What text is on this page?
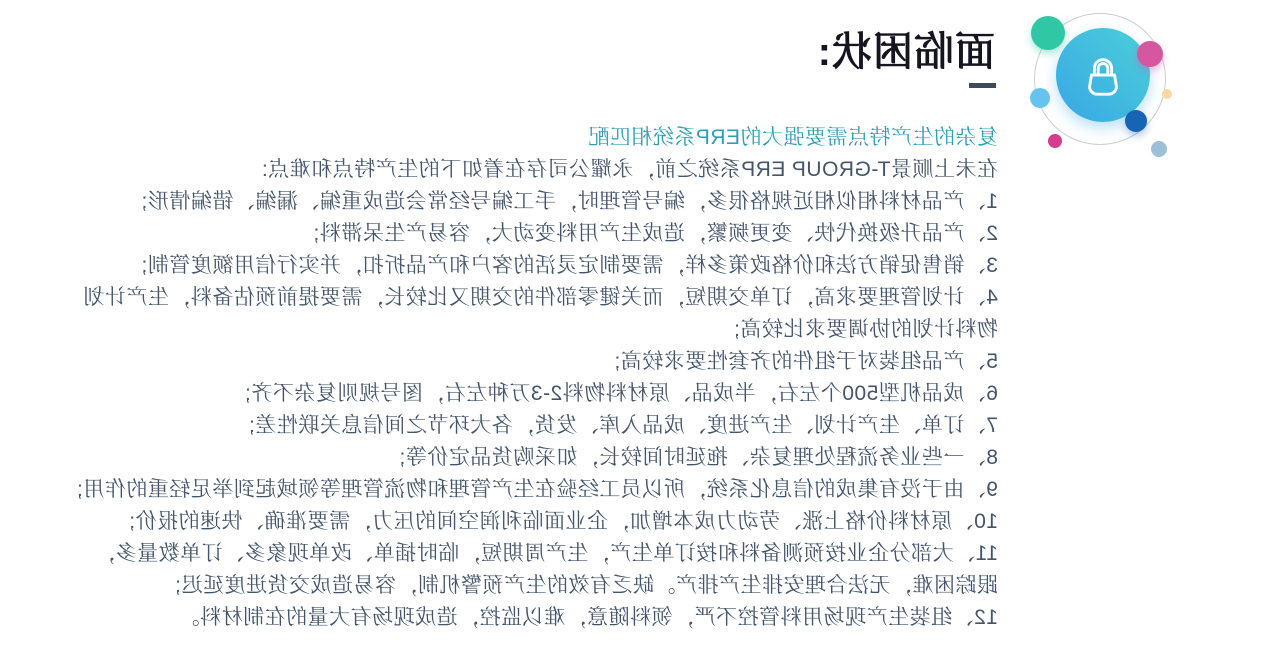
面临困状:
复杂的生产特点需要强大的ERP系统相匹配
在未上顺景T-GROUP ERP系统之前，永耀公司存在着如下的生产特点和难点:
1、产品材料相似相近规格很多，编号管理时，手工编号经常会造成重编、漏编、错编情形;
2、产品升级换代快、变更频繁，造成生产用料变动大，容易产生呆滞料;
3、销售促销方法和价格政策多样，需要制定灵活的客户和产品折扣，并实行信用额度管制;
4、计划管理要求高，订单交期短，而关键零部件的交期又比较长，需要提前预估备料，生产计划
物料计划的协调要求比较高;
5、产品组装对于组件的齐套性要求较高;
6、成品机型500个左右，半成品、原材料物料2-3万种左右，图号规则复杂不齐;
7、订单、生产计划、生产进度、成品入库、发货，各大环节之间信息关联性差;
8、一些业务流程处理复杂、拖延时间较长，如采购货品定价等;
9、由于没有集成的信息化系统，所以员工经验在生产管理和物流管理等领域起到举足轻重的作用;
10、原材料价格上涨、劳动力成本增加，企业面临利润空间的压力，需要准确、快速的报价;
11、大部分企业按预测备料和按订单生产，生产周期短，临时插单、改单现象多、订单数量多，
跟踪困难，无法合理安排生产排产。缺乏有效的生产预警机制，容易造成交货进度延迟;
12、组装生产现场用料管控不严，领料随意，难以监控，造成现场有大量的在制材料。
